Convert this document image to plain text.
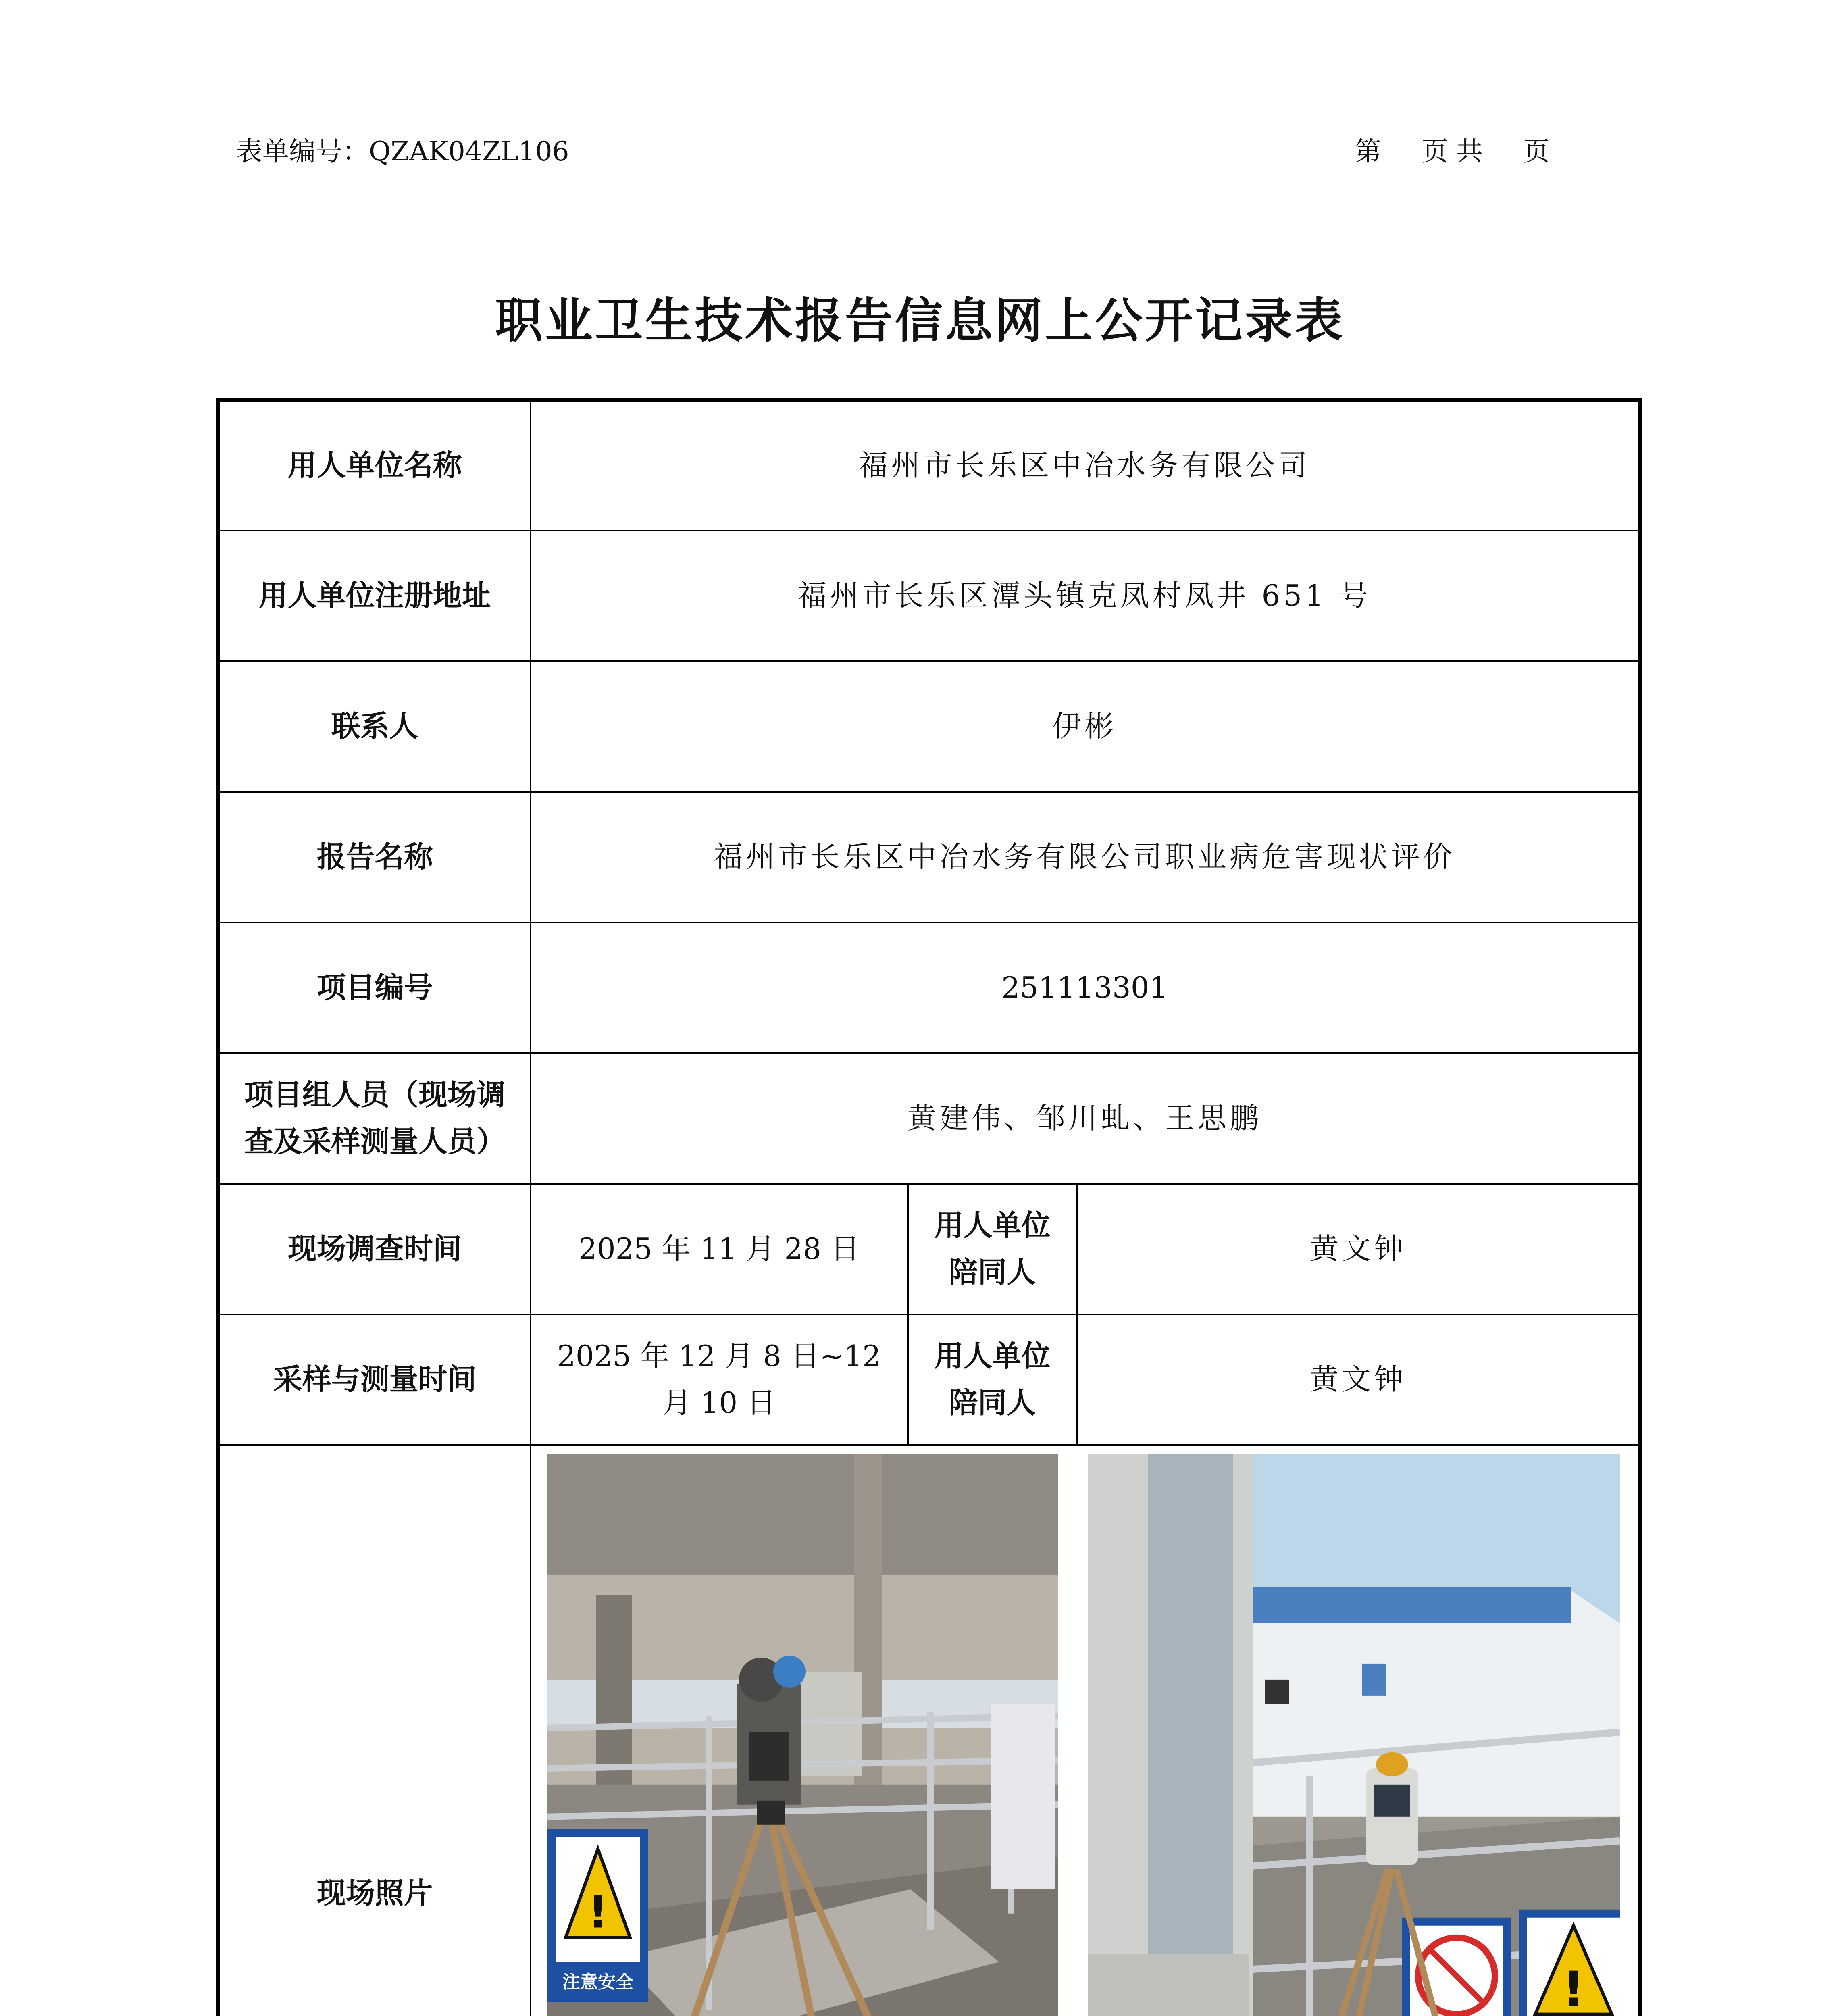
表单编号：QZAK04ZL106	第 页 共 页
职业卫生技术报告信息网上公开记录表
用人单位名称	福州市长乐区中冶水务有限公司		
用人单位注册地址	福州市长乐区潭头镇克凤村凤井 651 号		
联系人	伊彬		
报告名称	福州市长乐区中冶水务有限公司职业病危害现状评价		
项目编号	251113301		
项目组人员（现场调查及采样测量人员）	黄建伟、邹川虬、王思鹏		
现场调查时间	2025 年 11 月 28 日	用人单位陪同人	黄文钟
采样与测量时间	2025 年 12 月 8 日~12 月 10 日	用人单位陪同人	黄文钟
现场照片	!
注意安全 !		
